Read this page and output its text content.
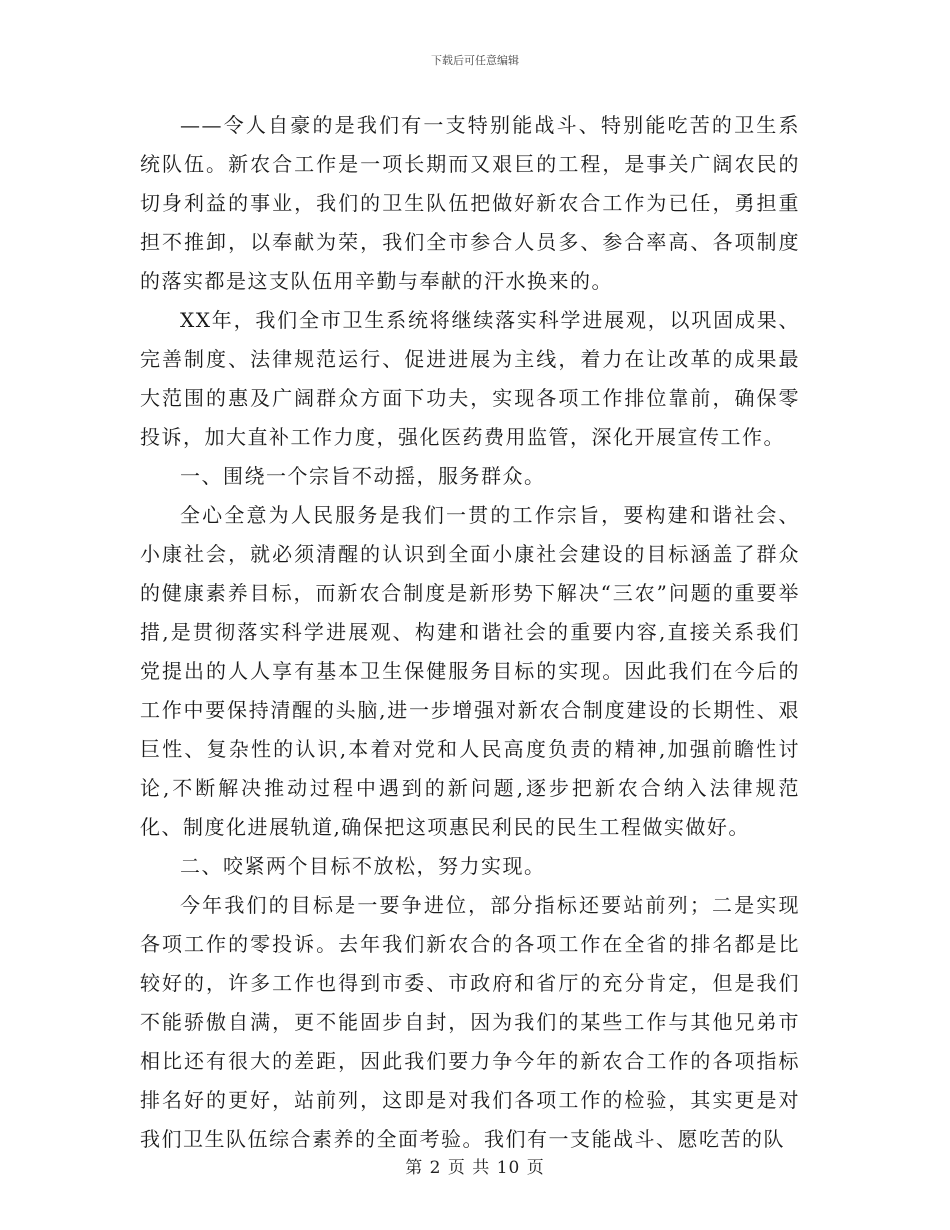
下载后可任意编辑

——令人自豪的是我们有一支特别能战斗、特别能吃苦的卫生系统队伍。新农合工作是一项长期而又艰巨的工程，是事关广阔农民的切身利益的事业，我们的卫生队伍把做好新农合工作为已任，勇担重担不推卸，以奉献为荣，我们全市参合人员多、参合率高、各项制度的落实都是这支队伍用辛勤与奉献的汗水换来的。

XX年，我们全市卫生系统将继续落实科学进展观，以巩固成果、完善制度、法律规范运行、促进进展为主线，着力在让改革的成果最大范围的惠及广阔群众方面下功夫，实现各项工作排位靠前，确保零投诉，加大直补工作力度，强化医药费用监管，深化开展宣传工作。

一、围绕一个宗旨不动摇，服务群众。

全心全意为人民服务是我们一贯的工作宗旨，要构建和谐社会、小康社会，就必须清醒的认识到全面小康社会建设的目标涵盖了群众的健康素养目标，而新农合制度是新形势下解决“三农”问题的重要举措,是贯彻落实科学进展观、构建和谐社会的重要内容,直接关系我们党提出的人人享有基本卫生保健服务目标的实现。因此我们在今后的工作中要保持清醒的头脑,进一步增强对新农合制度建设的长期性、艰巨性、复杂性的认识,本着对党和人民高度负责的精神,加强前瞻性讨论,不断解决推动过程中遇到的新问题,逐步把新农合纳入法律规范化、制度化进展轨道,确保把这项惠民利民的民生工程做实做好。

二、咬紧两个目标不放松，努力实现。

今年我们的目标是一要争进位，部分指标还要站前列；二是实现各项工作的零投诉。去年我们新农合的各项工作在全省的排名都是比较好的，许多工作也得到市委、市政府和省厅的充分肯定，但是我们不能骄傲自满，更不能固步自封，因为我们的某些工作与其他兄弟市相比还有很大的差距，因此我们要力争今年的新农合工作的各项指标排名好的更好，站前列，这即是对我们各项工作的检验，其实更是对我们卫生队伍综合素养的全面考验。我们有一支能战斗、愿吃苦的队

第 2 页 共 10 页
